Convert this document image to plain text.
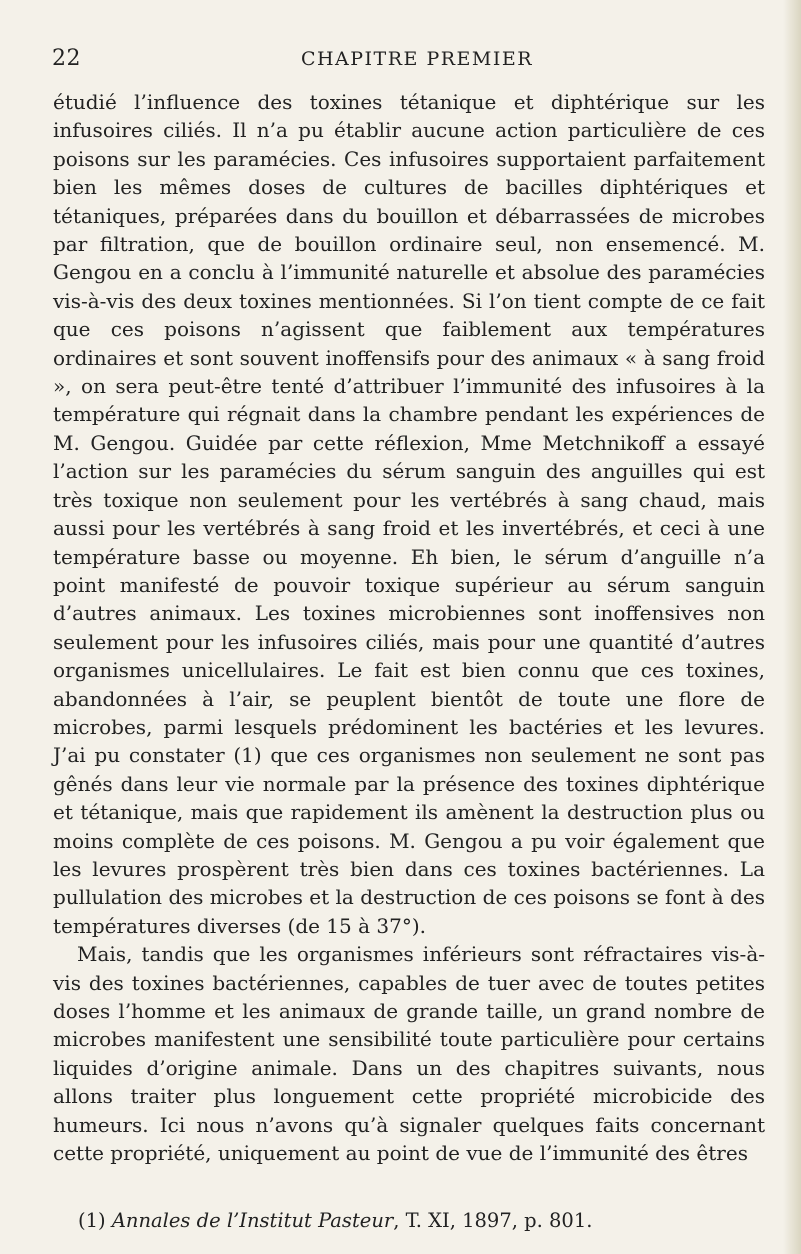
22	CHAPITRE PREMIER

étudié l’influence des toxines tétanique et diphtérique sur les infusoires ciliés. Il n’a pu établir aucune action particulière de ces poisons sur les paramécies. Ces infusoires supportaient parfaitement bien les mêmes doses de cultures de bacilles diphtériques et tétaniques, préparées dans du bouillon et débarrassées de microbes par filtration, que de bouillon ordinaire seul, non ensemencé. M. Gengou en a conclu à l’immunité naturelle et absolue des paramécies vis-à-vis des deux toxines mentionnées. Si l’on tient compte de ce fait que ces poisons n’agissent que faiblement aux températures ordinaires et sont souvent inoffensifs pour des animaux « à sang froid », on sera peut-être tenté d’attribuer l’immunité des infusoires à la température qui régnait dans la chambre pendant les expériences de M. Gengou. Guidée par cette réflexion, Mme Metchnikoff a essayé l’action sur les paramécies du sérum sanguin des anguilles qui est très toxique non seulement pour les vertébrés à sang chaud, mais aussi pour les vertébrés à sang froid et les invertébrés, et ceci à une température basse ou moyenne. Eh bien, le sérum d’anguille n’a point manifesté de pouvoir toxique supérieur au sérum sanguin d’autres animaux. Les toxines microbiennes sont inoffensives non seulement pour les infusoires ciliés, mais pour une quantité d’autres organismes unicellulaires. Le fait est bien connu que ces toxines, abandonnées à l’air, se peuplent bientôt de toute une flore de microbes, parmi lesquels prédominent les bactéries et les levures. J’ai pu constater (1) que ces organismes non seulement ne sont pas gênés dans leur vie normale par la présence des toxines diphtérique et tétanique, mais que rapidement ils amènent la destruction plus ou moins complète de ces poisons. M. Gengou a pu voir également que les levures prospèrent très bien dans ces toxines bactériennes. La pullulation des microbes et la destruction de ces poisons se font à des températures diverses (de 15 à 37°).

Mais, tandis que les organismes inférieurs sont réfractaires vis-à-vis des toxines bactériennes, capables de tuer avec de toutes petites doses l’homme et les animaux de grande taille, un grand nombre de microbes manifestent une sensibilité toute particulière pour certains liquides d’origine animale. Dans un des chapitres suivants, nous allons traiter plus longuement cette propriété microbicide des humeurs. Ici nous n’avons qu’à signaler quelques faits concernant cette propriété, uniquement au point de vue de l’immunité des êtres

(1) Annales de l’Institut Pasteur, T. XI, 1897, p. 801.
